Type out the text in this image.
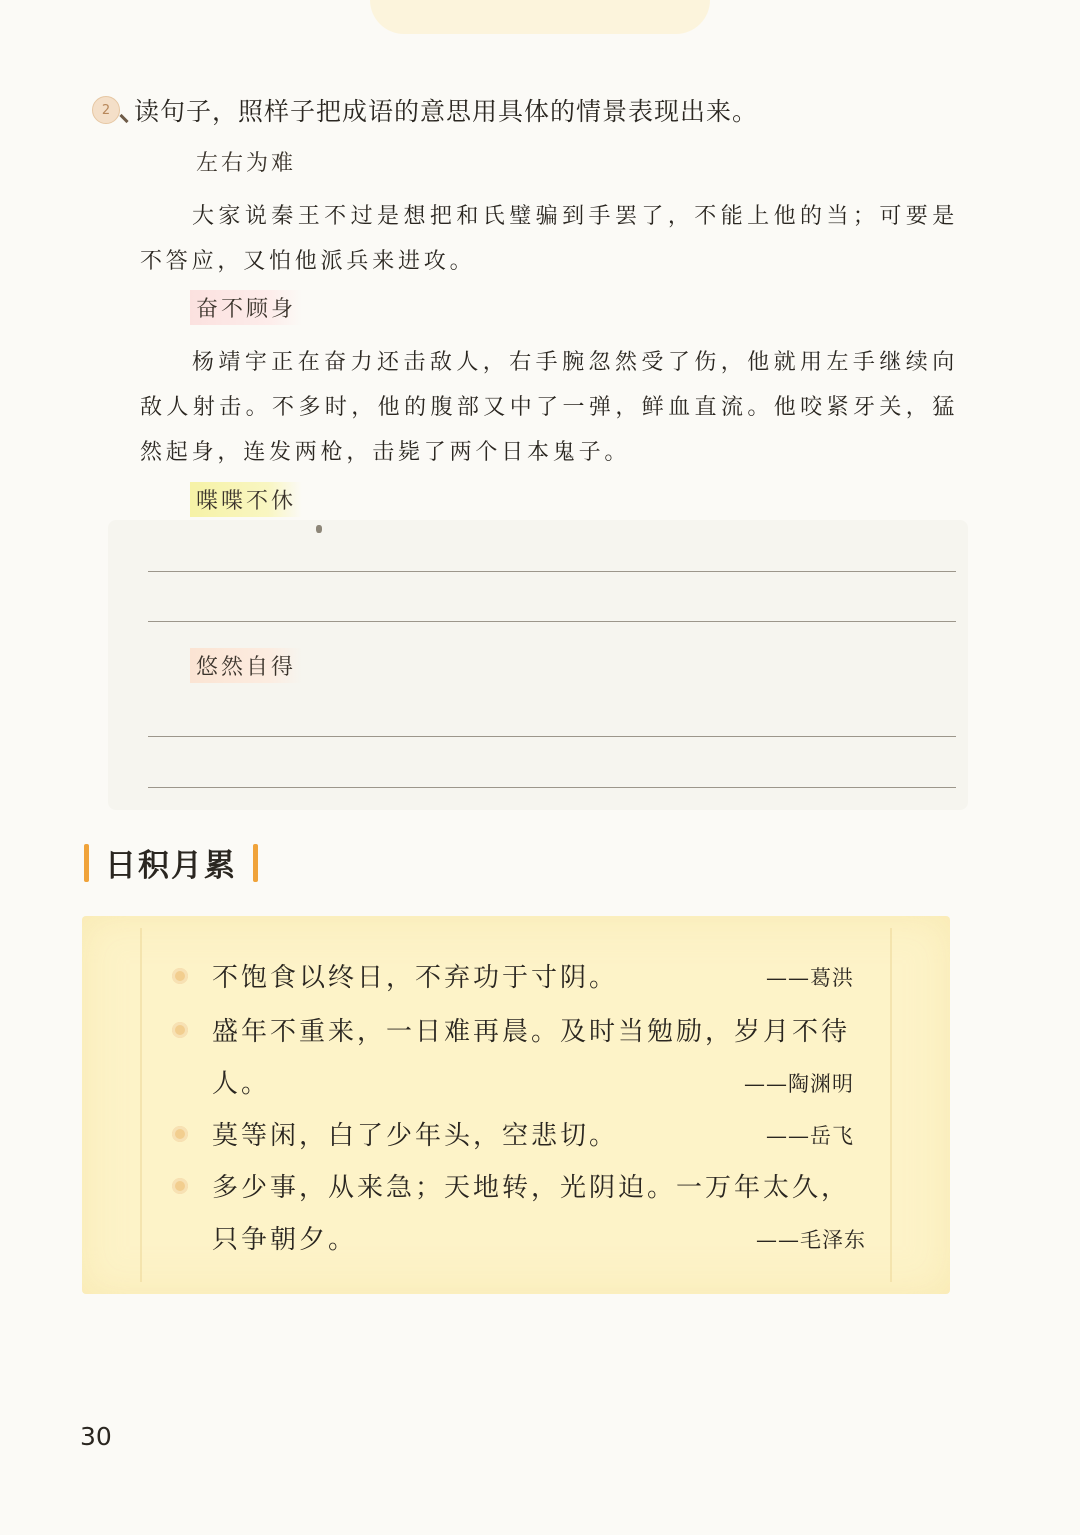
2 读句子，照样子把成语的意思用具体的情景表现出来。
左右为难
大家说秦王不过是想把和氏璧骗到手罢了，不能上他的当；可要是不答应，又怕他派兵来进攻。
奋不顾身
杨靖宇正在奋力还击敌人，右手腕忽然受了伤，他就用左手继续向敌人射击。不多时，他的腹部又中了一弹，鲜血直流。他咬紧牙关，猛然起身，连发两枪，击毙了两个日本鬼子。
喋喋不休
悠然自得
日积月累
不饱食以终日，不弃功于寸阴。	——葛洪
盛年不重来，一日难再晨。及时当勉励，岁月不待人。	——陶渊明
莫等闲，白了少年头，空悲切。	——岳飞
多少事，从来急；天地转，光阴迫。一万年太久，只争朝夕。	——毛泽东
30
